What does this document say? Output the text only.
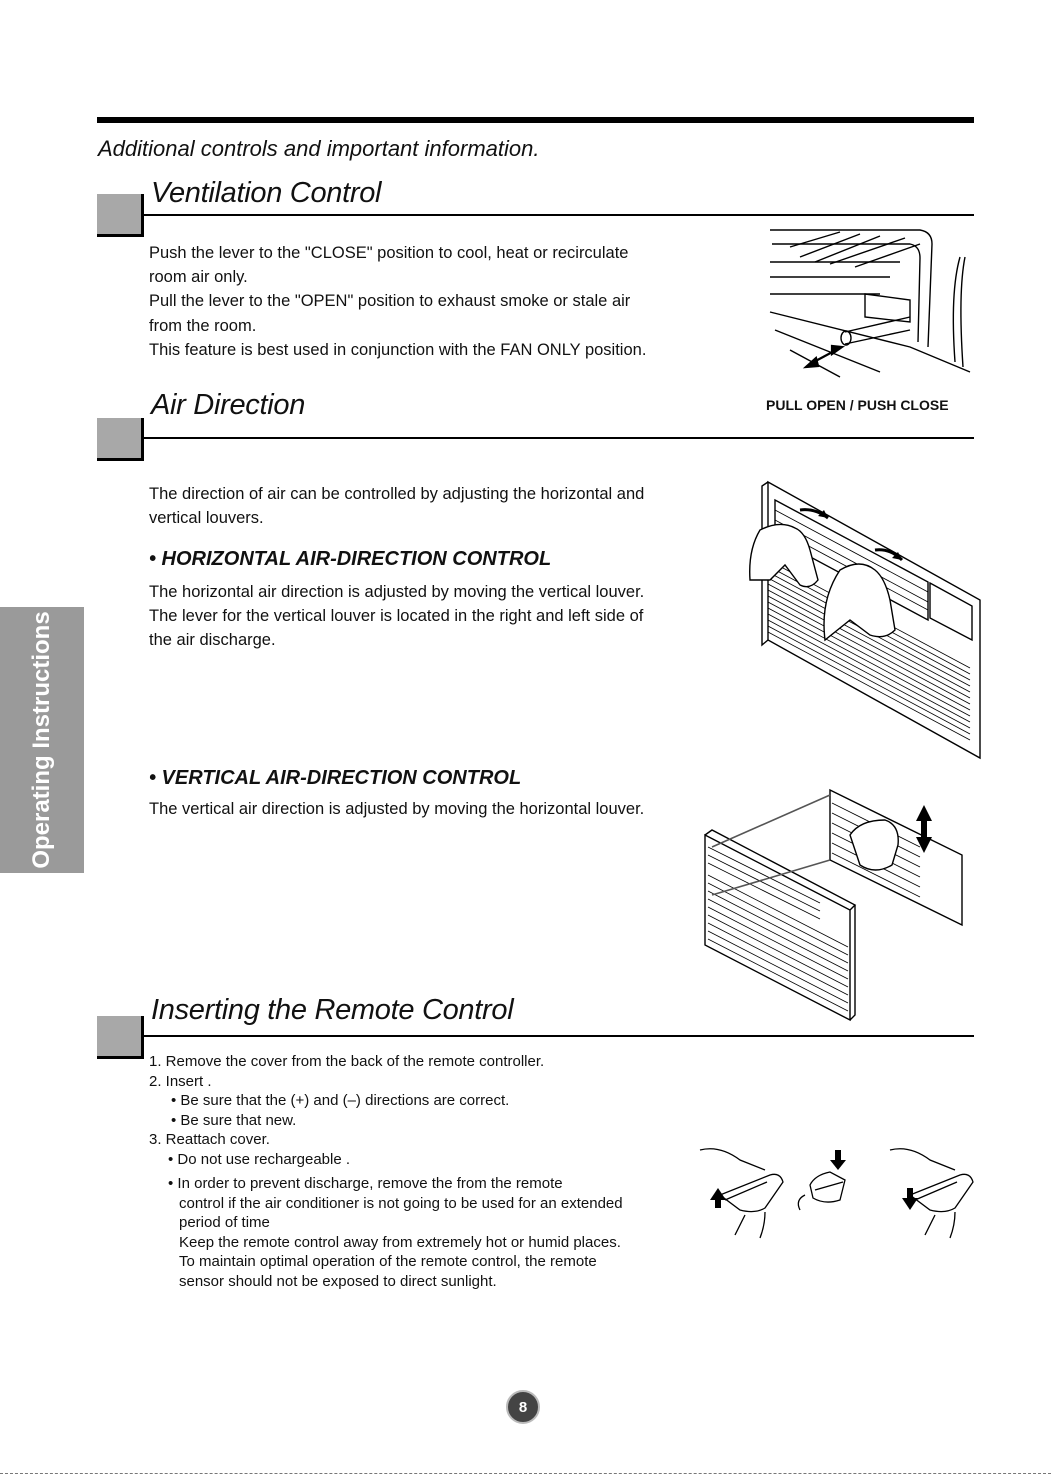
Additional controls and important information.
Operating Instructions
Ventilation Control
Push the lever to the "CLOSE" position to cool, heat or recirculate
room air only.
Pull the lever to the "OPEN" position to exhaust smoke or stale air
from the room.
This feature is best used in conjunction with the FAN ONLY position.
PULL OPEN / PUSH CLOSE
Air Direction
The direction of air can be controlled by adjusting the horizontal and
vertical louvers.
• HORIZONTAL AIR-DIRECTION CONTROL
The horizontal air direction is adjusted by moving the vertical louver.
The lever for the vertical louver is located in the right and left side of
the air discharge.
• VERTICAL AIR-DIRECTION CONTROL
The vertical air direction is adjusted by moving the horizontal louver.
Inserting the Remote Control
1. Remove the cover from the back of the remote controller.
2. Insert .
• Be sure that the (+) and (–) directions are correct.
• Be sure that new.
3. Reattach cover.
• Do not use rechargeable .
• In order to prevent discharge, remove the from the remote
control if the air conditioner is not going to be used for an extended
period of time
Keep the remote control away from extremely hot or humid places.
To maintain optimal operation of the remote control, the remote
sensor should not be exposed to direct sunlight.
8
